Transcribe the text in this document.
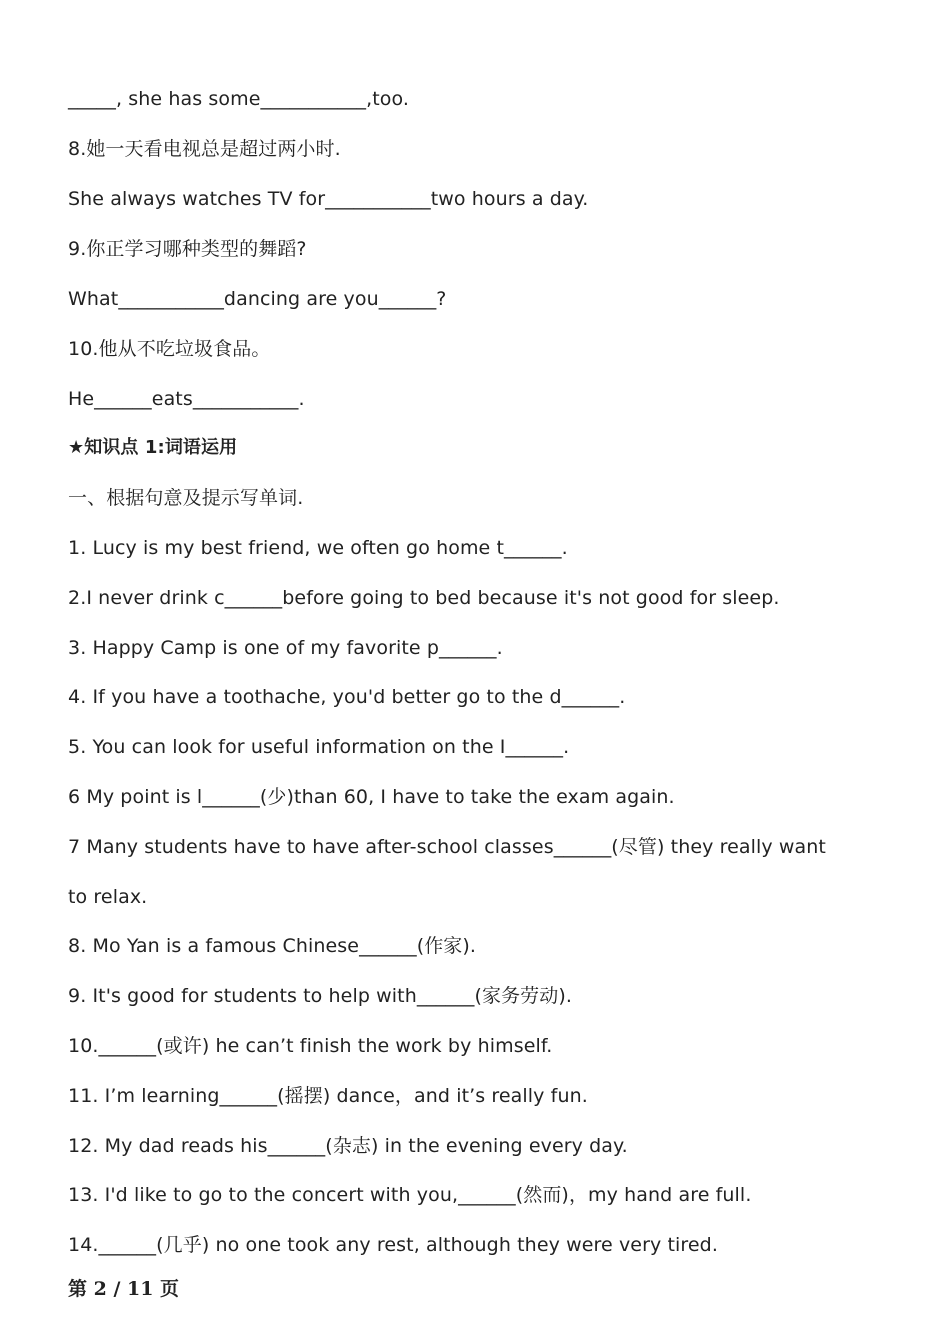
_____, she has some___________,too.
8.她一天看电视总是超过两小时.
She always watches TV for___________two hours a day.
9.你正学习哪种类型的舞蹈?
What___________dancing are you______?
10.他从不吃垃圾食品。
He______eats___________.
★知识点 1:词语运用
一、根据句意及提示写单词.
1. Lucy is my best friend, we often go home t______.
2.I never drink c______before going to bed because it's not good for sleep.
3. Happy Camp is one of my favorite p______.
4. If you have a toothache, you'd better go to the d______.
5. You can look for useful information on the I______.
6 My point is l______(少)than 60, I have to take the exam again.
7 Many students have to have after-school classes______(尽管) they really want
to relax.
8. Mo Yan is a famous Chinese______(作家).
9. It's good for students to help with______(家务劳动).
10.______(或许) he can’t finish the work by himself.
11. I’m learning______(摇摆) dance，and it’s really fun.
12. My dad reads his______(杂志) in the evening every day.
13. I'd like to go to the concert with you,______(然而)，my hand are full.
14.______(几乎) no one took any rest, although they were very tired.
第 2 / 11 页
